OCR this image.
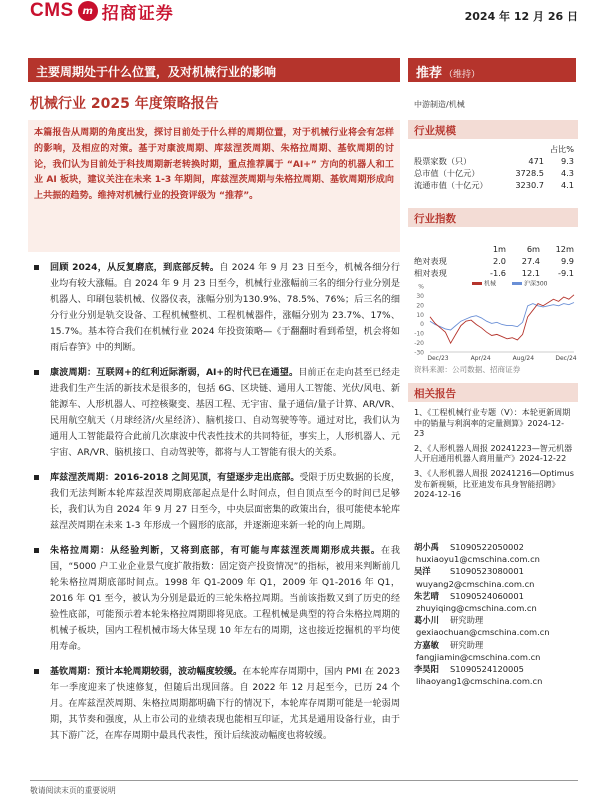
CMS m 招商证券	2024 年 12 月 26 日
主要周期处于什么位置，及对机械行业的影响	推荐 （维持）
机械行业 2025 年度策略报告	中游制造/机械
本篇报告从周期的角度出发，探讨目前处于什么样的周期位置，对于机械行业将会有怎样的影响，及相应的对策。基于对康波周期、库兹涅茨周期、朱格拉周期、基钦周期的讨论，我们认为目前处于科技周期新老转换时期，重点推荐属于 “AI+” 方向的机器人和工业 AI 板块，建议关注在未来 1-3 年期间，库兹涅茨周期与朱格拉周期、基钦周期形成向上共振的趋势。维持对机械行业的投资评级为 “推荐”。
回顾 2024，从反复磨底，到底部反转。自 2024 年 9 月 23 日至今，机械各细分行业均有较大涨幅。自 2024 年 9 月 23 日至今，机械行业涨幅前三名的细分行业分别是机器人、印刷包装机械、仪器仪表，涨幅分别为130.9%、78.5%、76%；后三名的细分行业分别是轨交设备、工程机械整机、工程机械器件，涨幅分别为 23.7%、17%、15.7%。基本符合我们在机械行业 2024 年投资策略—《于翻翻时看到希望，机会将如雨后春笋》中的判断。
康波周期：互联网+的红利近际渐弱，AI+的时代已在通望。目前正在走向甚至已经走进我们生产生活的新技术是很多的，包括 6G、区块链、通用人工智能、光伏/风电、新能源车、人形机器人、可控核聚变、基因工程、无宇宙、量子通信/量子计算、AR/VR、民用航空航天（月球经济/火星经济）、脑机接口、自动驾驶等等。通过对比，我们认为通用人工智能最符合此前几次康波中代表性技术的共同特征，事实上，人形机器人、元宇宙、AR/VR、脑机接口、自动驾驶等，都将与人工智能有很大的关系。
库兹涅茨周期：2016-2018 之间见顶，有望逐步走出底部。受限于历史数据的长度，我们无法判断本轮库兹涅茨周期底部起点是什么时间点，但自顶点至今的时间已足够长，我们认为自 2024 年 9 月 27 日至今，中央层面密集的政策出台，很可能使本轮库兹涅茨周期在未来 1-3 年形成一个圆形的底部，并逐渐迎来新一轮的向上周期。
朱格拉周期：从经验判断，又将到底部，有可能与库兹涅茨周期形成共振。在我国，“5000 户工业企业景气度扩散指数：固定资产投资情况”的指标，被用来判断前几轮朱格拉周期底部时间点。1998 年 Q1-2009 年 Q1，2009 年 Q1-2016 年 Q1，2016 年 Q1 至今，被认为分别是最近的三轮朱格拉周期。当前该指数又到了历史的经验性底部，可能预示着本轮朱格拉周期即将见底。工程机械是典型的符合朱格拉周期的机械子板块，国内工程机械市场大体呈现 10 年左右的周期，这也接近挖掘机的平均使用寿命。
基钦周期：预计本轮周期较弱，波动幅度较缓。在本轮库存周期中，国内 PMI 在 2023 年一季度迎来了快速修复，但随后出现回落。自 2022 年 12 月起至今，已历 24 个月。在库兹涅茨周期、朱格拉周期都明确下行的情况下，本轮库存周期可能是一轮弱周期，其节奏和强度，从上市公司的业绩表现也能相互印证，尤其是通用设备行业，由于其下游广泛，在库存周期中最具代表性，预计后续波动幅度也将较缓。
行业规模
占比%
股票家数（只）	471	9.3
总市值（十亿元）	3728.5	4.3
流通市值（十亿元）	3230.7	4.1
行业指数
1m	6m	12m
绝对表现	2.0	27.4	9.9
相对表现	-1.6	12.1	-9.1
%
30
20
10
0
-10
-20
-30
Dec/23	Apr/24	Aug/24	Dec/24
机械	沪深300
资料来源：公司数据、招商证券
相关报告
1、《工程机械行业专题（Ⅴ）：本轮更新周期中的销量与利润率的定量测算》2024-12-23
2、《人形机器人周报 20241223—智元机器人开启通用机器人商用量产》2024-12-22
3、《人形机器人周报 20241216—Optimus 发布新视频，比亚迪发布具身智能招聘》2024-12-16
胡小禹	S1090522050002
huxiaoyu1@cmschina.com.cn
吴洋	S1090523080001
wuyang2@cmschina.com.cn
朱艺晴	S1090524060001
zhuyiqing@cmschina.com.cn
葛小川	研究助理
gexiaochuan@cmschina.com.cn
方嘉敏	研究助理
fangjiamin@cmschina.com.cn
李昊阳	S1090524120005
lihaoyang1@cmschina.com.cn
敬请阅读末页的重要说明
